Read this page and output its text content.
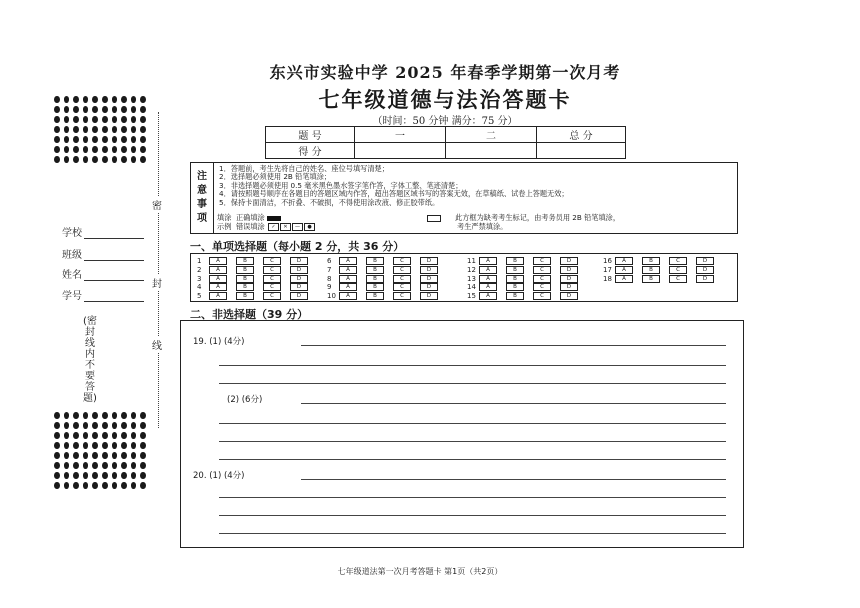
密
封
线
学校
班级
姓名
学号
(密封线内不要答题)
东兴市实验中学 2025 年春季学期第一次月考
七年级道德与法治答题卡
（时间：50 分钟 满分：75 分）
题 号	一	二	总 分
得 分			
注
意
事
项
1．答题前，考生先将自己的姓名、座位号填写清楚；
2．选择题必须使用 2B 铅笔填涂；
3．非选择题必须使用 0.5 毫米黑色墨水签字笔作答，字体工整、笔迹清楚；
4．请按照题号顺序在各题目的答题区域内作答，超出答题区域书写的答案无效，在草稿纸、试卷上答题无效；
5．保持卡面清洁，不折叠、不破损，不得使用涂改液、修正胶带纸。
填涂 正确填涂
示例 错误填涂 ✓ ✕ — ●
此方框为缺考考生标记，由考务员用 2B 铅笔填涂，
考生严禁填涂。
一、单项选择题（每小题 2 分，共 36 分）
1	A	B	C	D
2	A	B	C	D
3	A	B	C	D
4	A	B	C	D
5	A	B	C	D
6	A	B	C	D
7	A	B	C	D
8	A	B	C	D
9	A	B	C	D
10	A	B	C	D
11	A	B	C	D
12	A	B	C	D
13	A	B	C	D
14	A	B	C	D
15	A	B	C	D
16	A	B	C	D
17	A	B	C	D
18	A	B	C	D
二、非选择题（39 分）
19. (1) (4分)
(2) (6分)
20. (1) (4分)
七年级道法第一次月考答题卡 第1页（共2页）
